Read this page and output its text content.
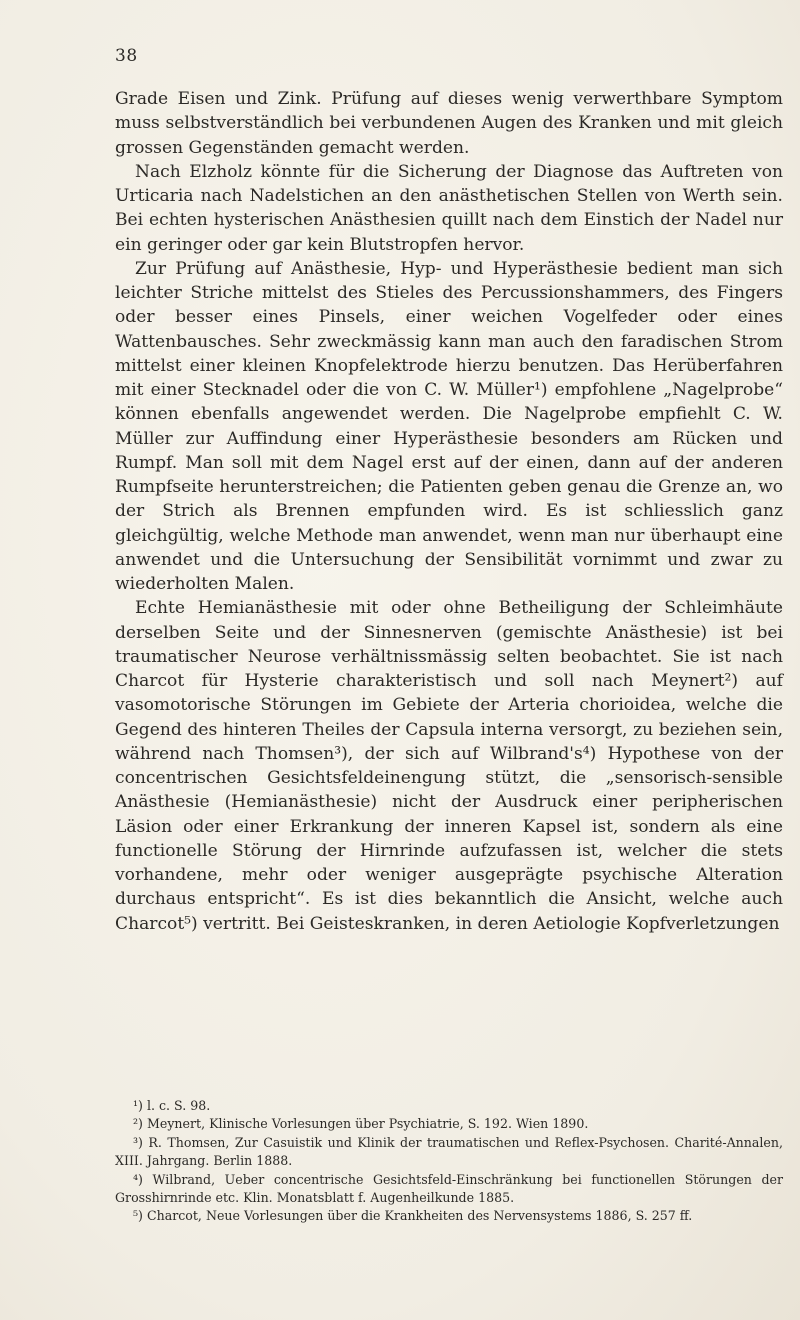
38

Grade Eisen und Zink. Prüfung auf dieses wenig verwerthbare Symptom muss selbstverständlich bei verbundenen Augen des Kranken und mit gleich grossen Gegenständen gemacht werden.

Nach Elzholz könnte für die Sicherung der Diagnose das Auftreten von Urticaria nach Nadelstichen an den anästhetischen Stellen von Werth sein. Bei echten hysterischen Anästhesien quillt nach dem Einstich der Nadel nur ein geringer oder gar kein Blutstropfen hervor.

Zur Prüfung auf Anästhesie, Hyp- und Hyperästhesie bedient man sich leichter Striche mittelst des Stieles des Percussionshammers, des Fingers oder besser eines Pinsels, einer weichen Vogelfeder oder eines Wattenbausches. Sehr zweckmässig kann man auch den faradischen Strom mittelst einer kleinen Knopfelektrode hierzu benutzen. Das Herüberfahren mit einer Stecknadel oder die von C. W. Müller¹) empfohlene „Nagelprobe“ können ebenfalls angewendet werden. Die Nagelprobe empfiehlt C. W. Müller zur Auffindung einer Hyperästhesie besonders am Rücken und Rumpf. Man soll mit dem Nagel erst auf der einen, dann auf der anderen Rumpfseite herunterstreichen; die Patienten geben genau die Grenze an, wo der Strich als Brennen empfunden wird. Es ist schliesslich ganz gleichgültig, welche Methode man anwendet, wenn man nur überhaupt eine anwendet und die Untersuchung der Sensibilität vornimmt und zwar zu wiederholten Malen.

Echte Hemianästhesie mit oder ohne Betheiligung der Schleimhäute derselben Seite und der Sinnesnerven (gemischte Anästhesie) ist bei traumatischer Neurose verhältnissmässig selten beobachtet. Sie ist nach Charcot für Hysterie charakteristisch und soll nach Meynert²) auf vasomotorische Störungen im Gebiete der Arteria chorioidea, welche die Gegend des hinteren Theiles der Capsula interna versorgt, zu beziehen sein, während nach Thomsen³), der sich auf Wilbrand's⁴) Hypothese von der concentrischen Gesichtsfeldeinengung stützt, die „sensorisch-sensible Anästhesie (Hemianästhesie) nicht der Ausdruck einer peripherischen Läsion oder einer Erkrankung der inneren Kapsel ist, sondern als eine functionelle Störung der Hirnrinde aufzufassen ist, welcher die stets vorhandene, mehr oder weniger ausgeprägte psychische Alteration durchaus entspricht“. Es ist dies bekanntlich die Ansicht, welche auch Charcot⁵) vertritt. Bei Geisteskranken, in deren Aetiologie Kopfverletzungen

¹) l. c. S. 98.

²) Meynert, Klinische Vorlesungen über Psychiatrie, S. 192. Wien 1890.

³) R. Thomsen, Zur Casuistik und Klinik der traumatischen und Reflex-Psychosen. Charité-Annalen, XIII. Jahrgang. Berlin 1888.

⁴) Wilbrand, Ueber concentrische Gesichtsfeld-Einschränkung bei functionellen Störungen der Grosshirnrinde etc. Klin. Monatsblatt f. Augenheilkunde 1885.

⁵) Charcot, Neue Vorlesungen über die Krankheiten des Nervensystems 1886, S. 257 ff.
